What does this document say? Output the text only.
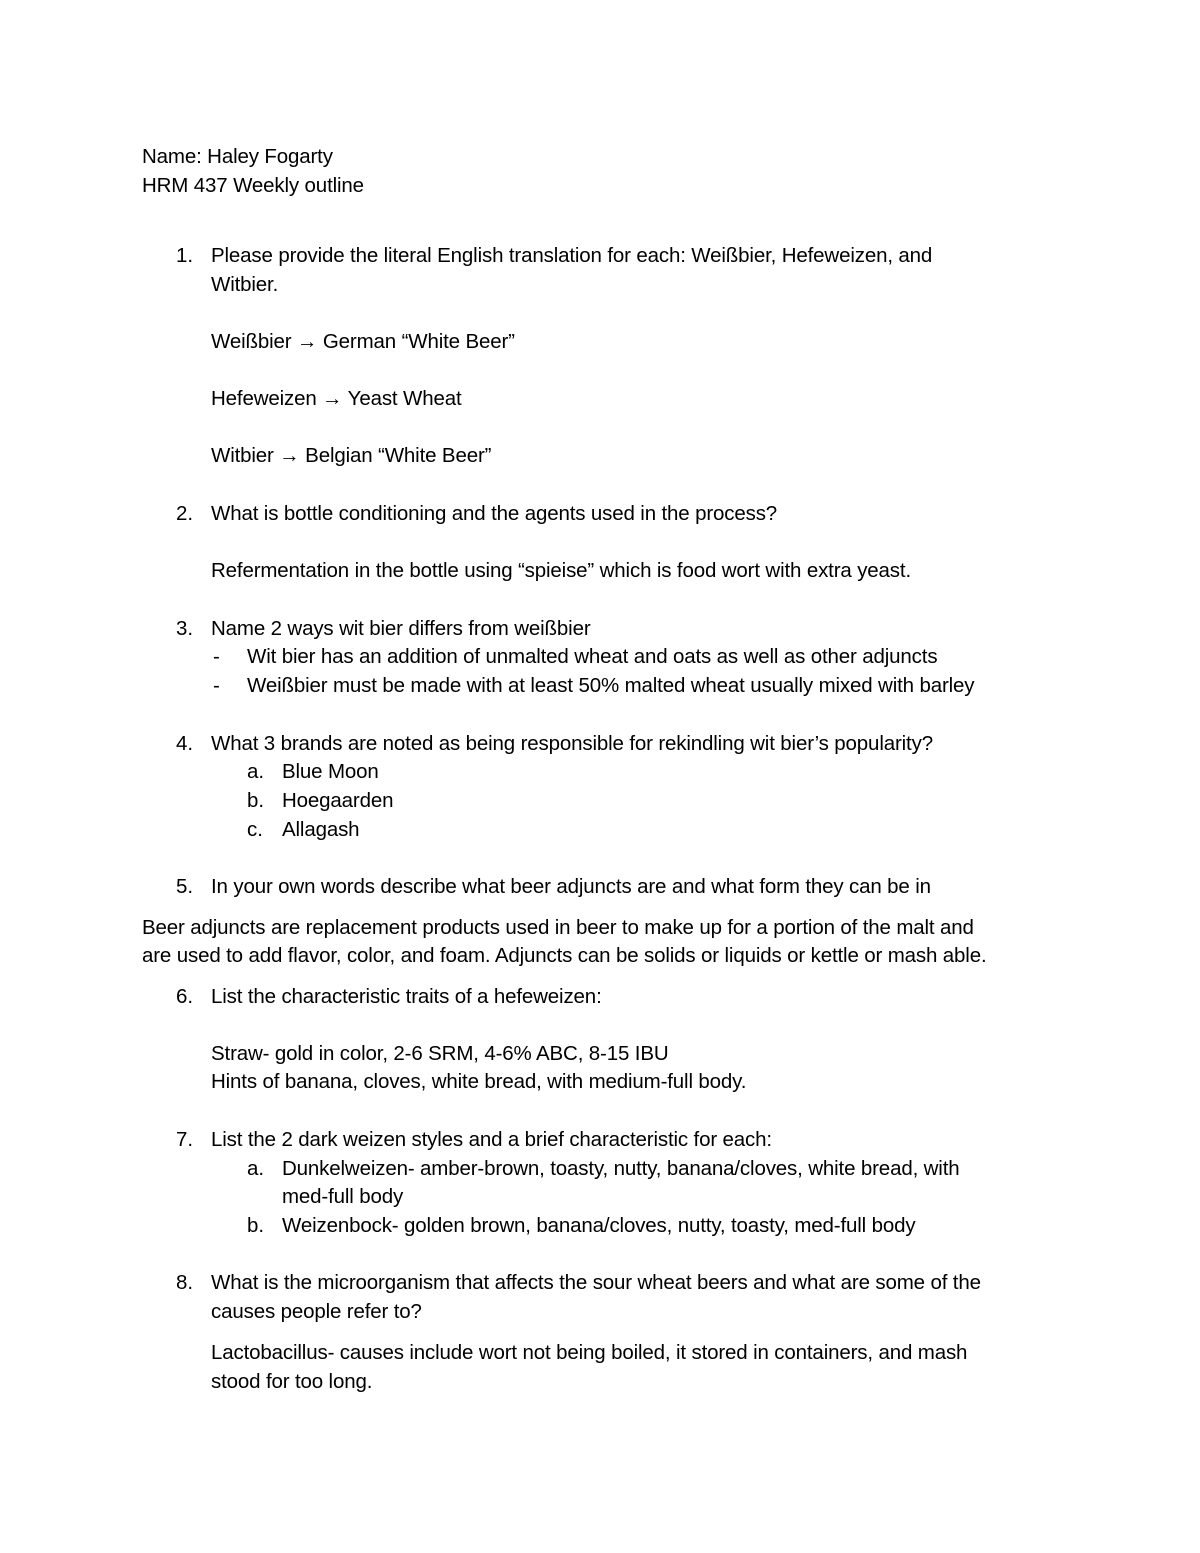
Name: Haley Fogarty
HRM 437 Weekly outline
1. Please provide the literal English translation for each: Weißbier, Hefeweizen, and
Witbier.
Weißbier → German “White Beer”
Hefeweizen → Yeast Wheat
Witbier → Belgian “White Beer”
2. What is bottle conditioning and the agents used in the process?
Refermentation in the bottle using “spieise” which is food wort with extra yeast.
3. Name 2 ways wit bier differs from weißbier
- Wit bier has an addition of unmalted wheat and oats as well as other adjuncts
- Weißbier must be made with at least 50% malted wheat usually mixed with barley
4. What 3 brands are noted as being responsible for rekindling wit bier’s popularity?
a. Blue Moon
b. Hoegaarden
c. Allagash
5. In your own words describe what beer adjuncts are and what form they can be in
Beer adjuncts are replacement products used in beer to make up for a portion of the malt and
are used to add flavor, color, and foam. Adjuncts can be solids or liquids or kettle or mash able.
6. List the characteristic traits of a hefeweizen:
Straw- gold in color, 2-6 SRM, 4-6% ABC, 8-15 IBU
Hints of banana, cloves, white bread, with medium-full body.
7. List the 2 dark weizen styles and a brief characteristic for each:
a. Dunkelweizen- amber-brown, toasty, nutty, banana/cloves, white bread, with
med-full body
b. Weizenbock- golden brown, banana/cloves, nutty, toasty, med-full body
8. What is the microorganism that affects the sour wheat beers and what are some of the
causes people refer to?
Lactobacillus- causes include wort not being boiled, it stored in containers, and mash
stood for too long.
